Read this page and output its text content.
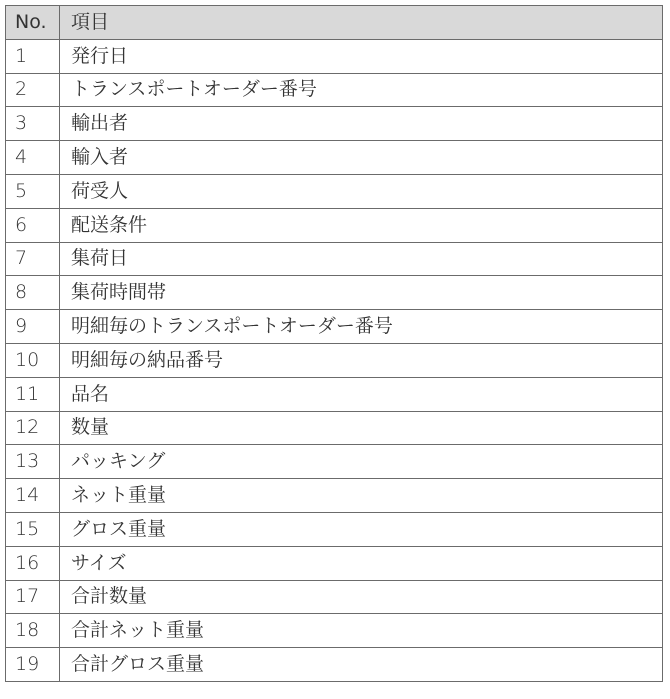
No.	項目
1	発行日
2	トランスポートオーダー番号
3	輸出者
4	輸入者
5	荷受人
6	配送条件
7	集荷日
8	集荷時間帯
9	明細毎のトランスポートオーダー番号
10	明細毎の納品番号
11	品名
12	数量
13	パッキング
14	ネット重量
15	グロス重量
16	サイズ
17	合計数量
18	合計ネット重量
19	合計グロス重量
